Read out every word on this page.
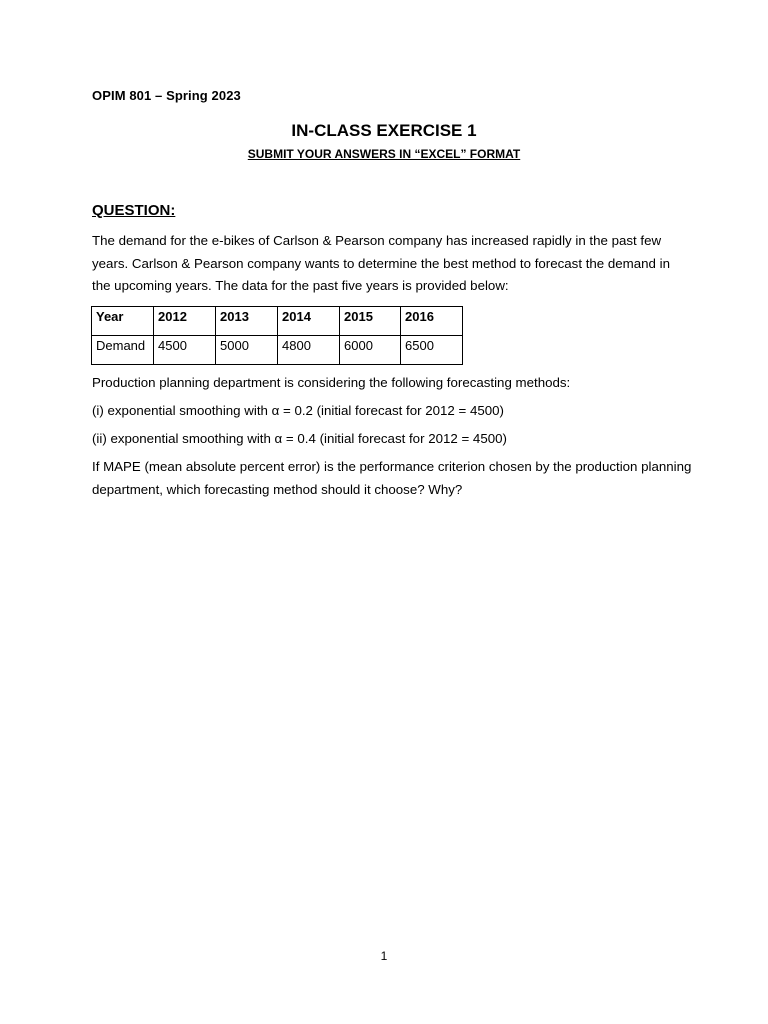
OPIM 801 – Spring 2023
IN-CLASS EXERCISE 1
SUBMIT YOUR ANSWERS IN “EXCEL” FORMAT
QUESTION:
The demand for the e-bikes of Carlson & Pearson company has increased rapidly in the past few years. Carlson & Pearson company wants to determine the best method to forecast the demand in the upcoming years. The data for the past five years is provided below:
Year	2012	2013	2014	2015	2016
Demand	4500	5000	4800	6000	6500
Production planning department is considering the following forecasting methods:
(i) exponential smoothing with α = 0.2 (initial forecast for 2012 = 4500)
(ii) exponential smoothing with α = 0.4 (initial forecast for 2012 = 4500)
If MAPE (mean absolute percent error) is the performance criterion chosen by the production planning department, which forecasting method should it choose? Why?
1
